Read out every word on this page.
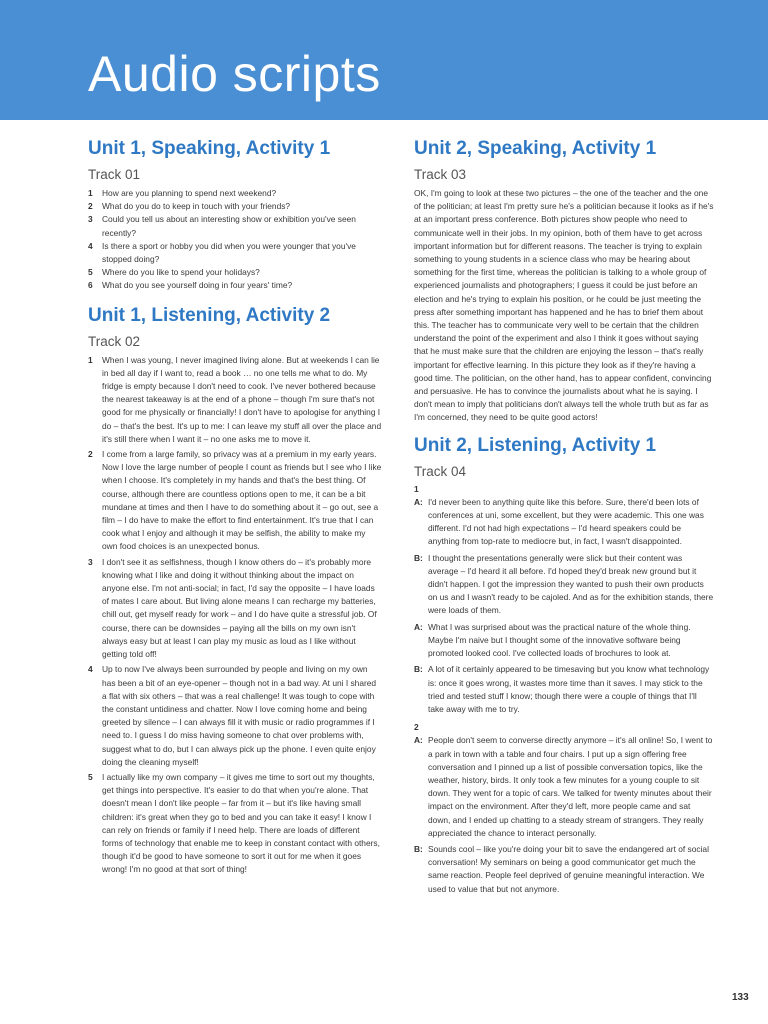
Audio scripts
Unit 1, Speaking, Activity 1
Track 01
1	How are you planning to spend next weekend?
2	What do you do to keep in touch with your friends?
3	Could you tell us about an interesting show or exhibition you've seen recently?
4	Is there a sport or hobby you did when you were younger that you've stopped doing?
5	Where do you like to spend your holidays?
6	What do you see yourself doing in four years' time?
Unit 1, Listening, Activity 2
Track 02
1	When I was young, I never imagined living alone. But at weekends I can lie in bed all day if I want to, read a book … no one tells me what to do. My fridge is empty because I don't need to cook. I've never bothered because the nearest takeaway is at the end of a phone – though I'm sure that's not good for me physically or financially! I don't have to apologise for anything I do – that's the best. It's up to me: I can leave my stuff all over the place and it's still there when I want it – no one asks me to move it.
2	I come from a large family, so privacy was at a premium in my early years. Now I love the large number of people I count as friends but I see who I like when I choose. It's completely in my hands and that's the best thing. Of course, although there are countless options open to me, it can be a bit mundane at times and then I have to do something about it – go out, see a film – I do have to make the effort to find entertainment. It's true that I can cook what I enjoy and although it may be selfish, the ability to make my own food choices is an unexpected bonus.
3	I don't see it as selfishness, though I know others do – it's probably more knowing what I like and doing it without thinking about the impact on anyone else. I'm not anti-social; in fact, I'd say the opposite – I have loads of mates I care about. But living alone means I can recharge my batteries, chill out, get myself ready for work – and I do have quite a stressful job. Of course, there can be downsides – paying all the bills on my own isn't always easy but at least I can play my music as loud as I like without getting told off!
4	Up to now I've always been surrounded by people and living on my own has been a bit of an eye-opener – though not in a bad way. At uni I shared a flat with six others – that was a real challenge! It was tough to cope with the constant untidiness and chatter. Now I love coming home and being greeted by silence – I can always fill it with music or radio programmes if I need to. I guess I do miss having someone to chat over problems with, suggest what to do, but I can always pick up the phone. I even quite enjoy doing the cleaning myself!
5	I actually like my own company – it gives me time to sort out my thoughts, get things into perspective. It's easier to do that when you're alone. That doesn't mean I don't like people – far from it – but it's like having small children: it's great when they go to bed and you can take it easy! I know I can rely on friends or family if I need help. There are loads of different forms of technology that enable me to keep in constant contact with others, though it'd be good to have someone to sort it out for me when it goes wrong! I'm no good at that sort of thing!
Unit 2, Speaking, Activity 1
Track 03

OK, I'm going to look at these two pictures – the one of the teacher and the one of the politician; at least I'm pretty sure he's a politician because it looks as if he's at an important press conference. Both pictures show people who need to communicate well in their jobs. In my opinion, both of them have to get across important information but for different reasons. The teacher is trying to explain something to young students in a science class who may be hearing about something for the first time, whereas the politician is talking to a whole group of experienced journalists and photographers; I guess it could be just before an election and he's trying to explain his position, or he could be just meeting the press after something important has happened and he has to brief them about this. The teacher has to communicate very well to be certain that the children understand the point of the experiment and also I think it goes without saying that he must make sure that the children are enjoying the lesson – that's really important for effective learning. In this picture they look as if they're having a good time. The politician, on the other hand, has to appear confident, convincing and persuasive. He has to convince the journalists about what he is saying. I don't mean to imply that politicians don't always tell the whole truth but as far as I'm concerned, they need to be quite good actors!

Unit 2, Listening, Activity 1
Track 04
1
A: I'd never been to anything quite like this before. Sure, there'd been lots of conferences at uni, some excellent, but they were academic. This one was different. I'd not had high expectations – I'd heard speakers could be anything from top-rate to mediocre but, in fact, I wasn't disappointed.
B: I thought the presentations generally were slick but their content was average – I'd heard it all before. I'd hoped they'd break new ground but it didn't happen. I got the impression they wanted to push their own products on us and I wasn't ready to be cajoled. And as for the exhibition stands, there were loads of them.
A: What I was surprised about was the practical nature of the whole thing. Maybe I'm naive but I thought some of the innovative software being promoted looked cool. I've collected loads of brochures to look at.
B: A lot of it certainly appeared to be timesaving but you know what technology is: once it goes wrong, it wastes more time than it saves. I may stick to the tried and tested stuff I know; though there were a couple of things that I'll take away with me to try.
2
A: People don't seem to converse directly anymore – it's all online! So, I went to a park in town with a table and four chairs. I put up a sign offering free conversation and I pinned up a list of possible conversation topics, like the weather, history, birds. It only took a few minutes for a young couple to sit down. They went for a topic of cars. We talked for twenty minutes about their impact on the environment. After they'd left, more people came and sat down, and I ended up chatting to a steady stream of strangers. They really appreciated the chance to interact personally.
B: Sounds cool – like you're doing your bit to save the endangered art of social conversation! My seminars on being a good communicator get much the same reaction. People feel deprived of genuine meaningful interaction. We used to value that but not anymore.
133
